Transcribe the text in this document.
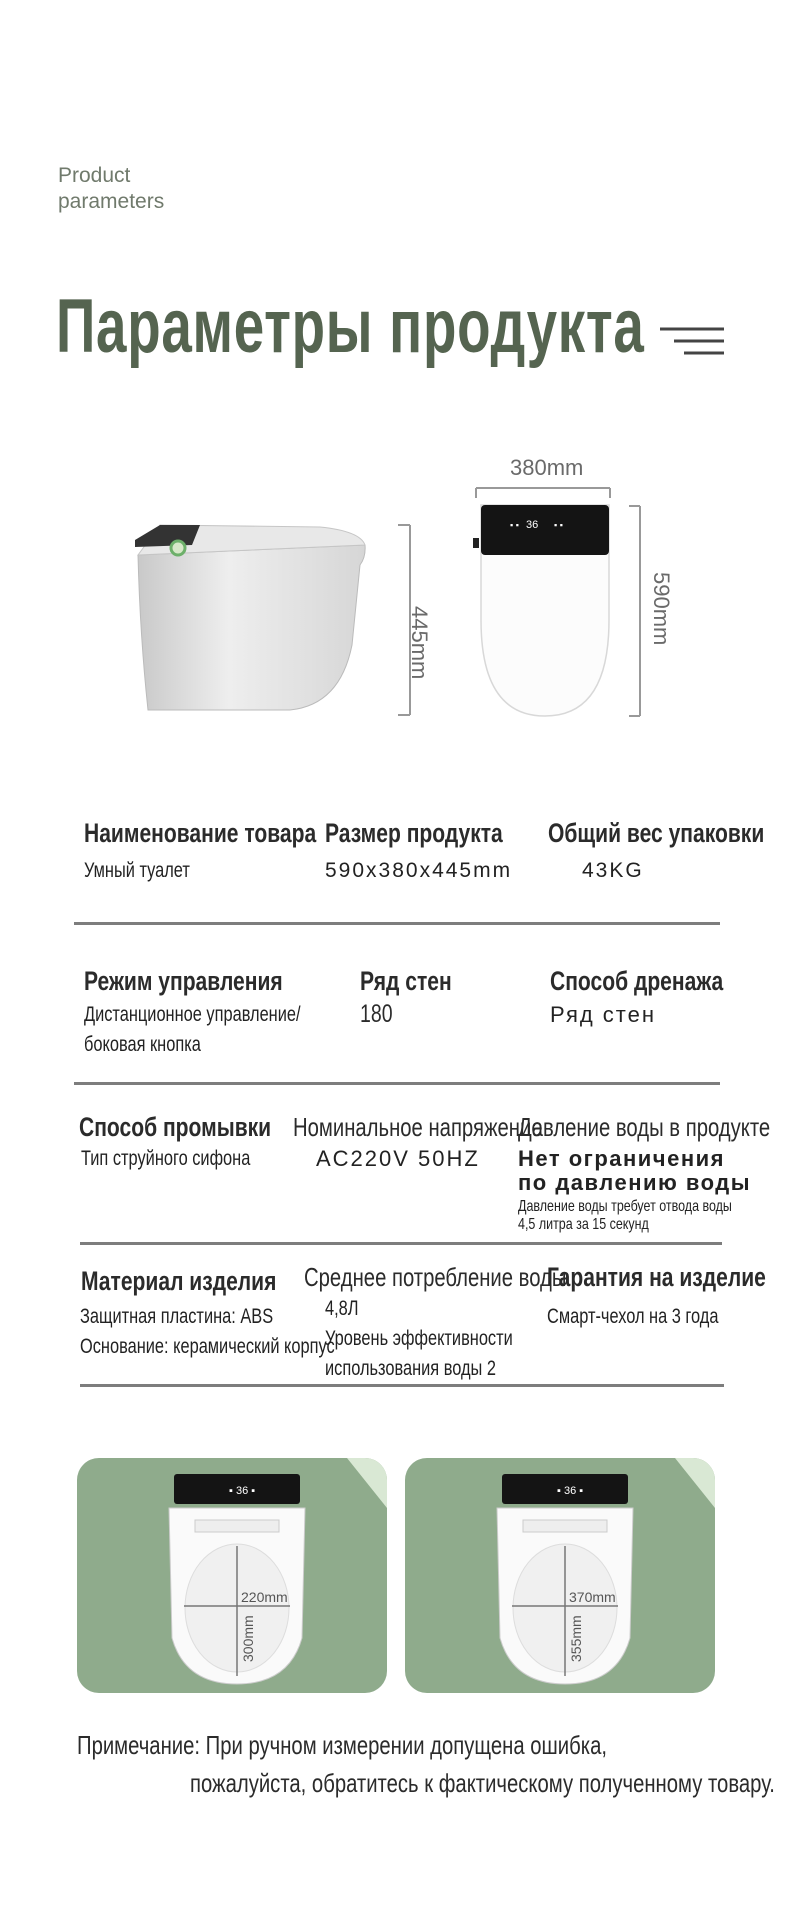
Product
parameters
Параметры продукта
445mm
380mm
36
▪ ▪	▪ ▪
590mm
Наименование товара
Умный туалет
Размер продукта
590x380x445mm
Общий вес упаковки
43KG
Режим управления
Дистанционное управление/
боковая кнопка
Ряд стен
180
Способ дренажа
Ряд стен
Способ промывки
Тип струйного сифона
Номинальное напряжение
AC220V 50HZ
Давление воды в продукте
Нет ограничения
по давлению воды
Давление воды требует отвода воды
4,5 литра за 15 секунд
Материал изделия
Защитная пластина: ABS
Основание: керамический корпус
Среднее потребление воды
4,8Л
Уровень эффективности
использования воды 2
Гарантия на изделие
Смарт-чехол на 3 года
▪ 36 ▪
220mm
300mm
▪ 36 ▪
370mm
355mm
Примечание: При ручном измерении допущена ошибка,
пожалуйста, обратитесь к фактическому полученному товару.
